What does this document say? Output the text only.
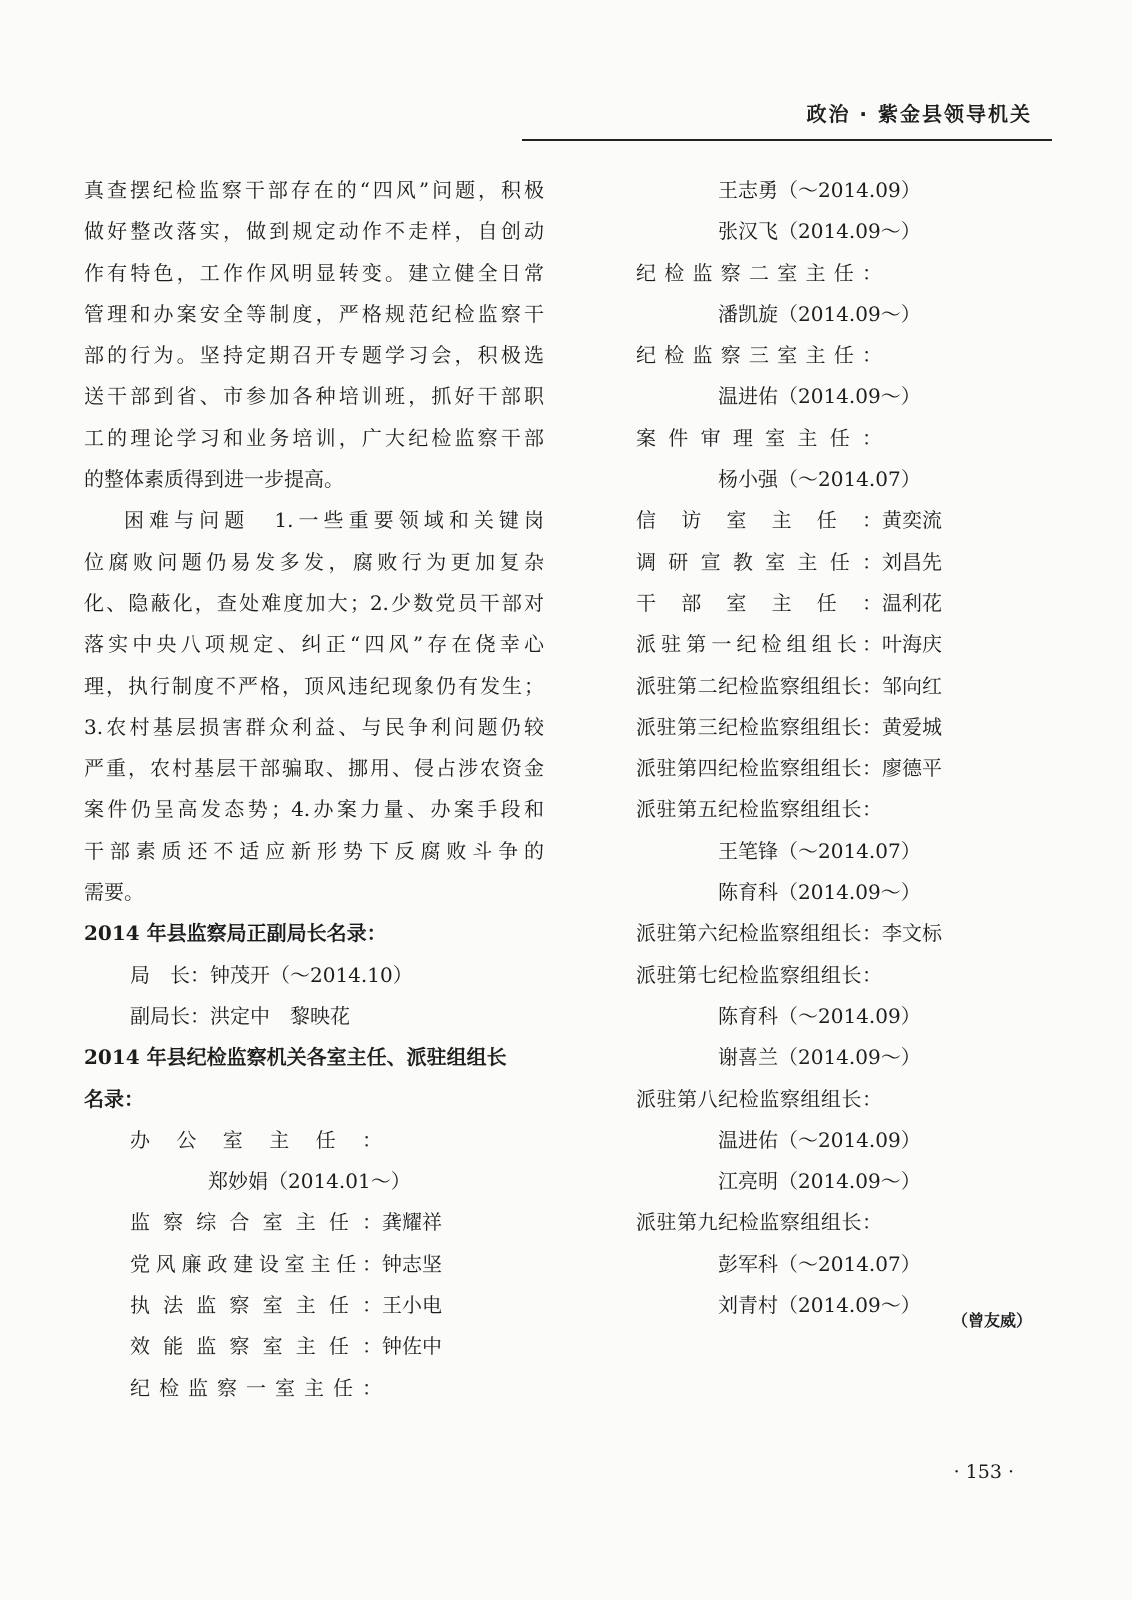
政治 · 紫金县领导机关
真查摆纪检监察干部存在的“四风”问题，积极
做好整改落实，做到规定动作不走样，自创动
作有特色，工作作风明显转变。建立健全日常
管理和办案安全等制度，严格规范纪检监察干
部的行为。坚持定期召开专题学习会，积极选
送干部到省、市参加各种培训班，抓好干部职
工的理论学习和业务培训，广大纪检监察干部
的整体素质得到进一步提高。
困难与问题　1.一些重要领域和关键岗
位腐败问题仍易发多发，腐败行为更加复杂
化、隐蔽化，查处难度加大；2.少数党员干部对
落实中央八项规定、纠正“四风”存在侥幸心
理，执行制度不严格，顶风违纪现象仍有发生；
3.农村基层损害群众利益、与民争利问题仍较
严重，农村基层干部骗取、挪用、侵占涉农资金
案件仍呈高发态势；4.办案力量、办案手段和
干部素质还不适应新形势下反腐败斗争的
需要。
2014 年县监察局正副局长名录：
局　长：钟茂开（～2014.10）
副局长：洪定中　黎映花
2014 年县纪检监察机关各室主任、派驻组组长
名录：
办公室主任：
郑妙娟（2014.01～）
监察综合室主任： 龚耀祥
党风廉政建设室主任： 钟志坚
执法监察室主任： 王小电
效能监察室主任： 钟佐中
纪检监察一室主任：
王志勇（～2014.09）
张汉飞（2014.09～）
纪检监察二室主任：
潘凯旋（2014.09～）
纪检监察三室主任：
温进佑（2014.09～）
案件审理室主任：
杨小强（～2014.07）
信访室主任： 黄奕流
调研宣教室主任： 刘昌先
干部室主任： 温利花
派驻第一纪检组组长： 叶海庆
派驻第二纪检监察组组长： 邹向红
派驻第三纪检监察组组长： 黄爱城
派驻第四纪检监察组组长： 廖德平
派驻第五纪检监察组组长：
王笔锋（～2014.07）
陈育科（2014.09～）
派驻第六纪检监察组组长： 李文标
派驻第七纪检监察组组长：
陈育科（～2014.09）
谢喜兰（2014.09～）
派驻第八纪检监察组组长：
温进佑（～2014.09）
江亮明（2014.09～）
派驻第九纪检监察组组长：
彭军科（～2014.07）
刘青村（2014.09～）
（曾友威）
· 153 ·
